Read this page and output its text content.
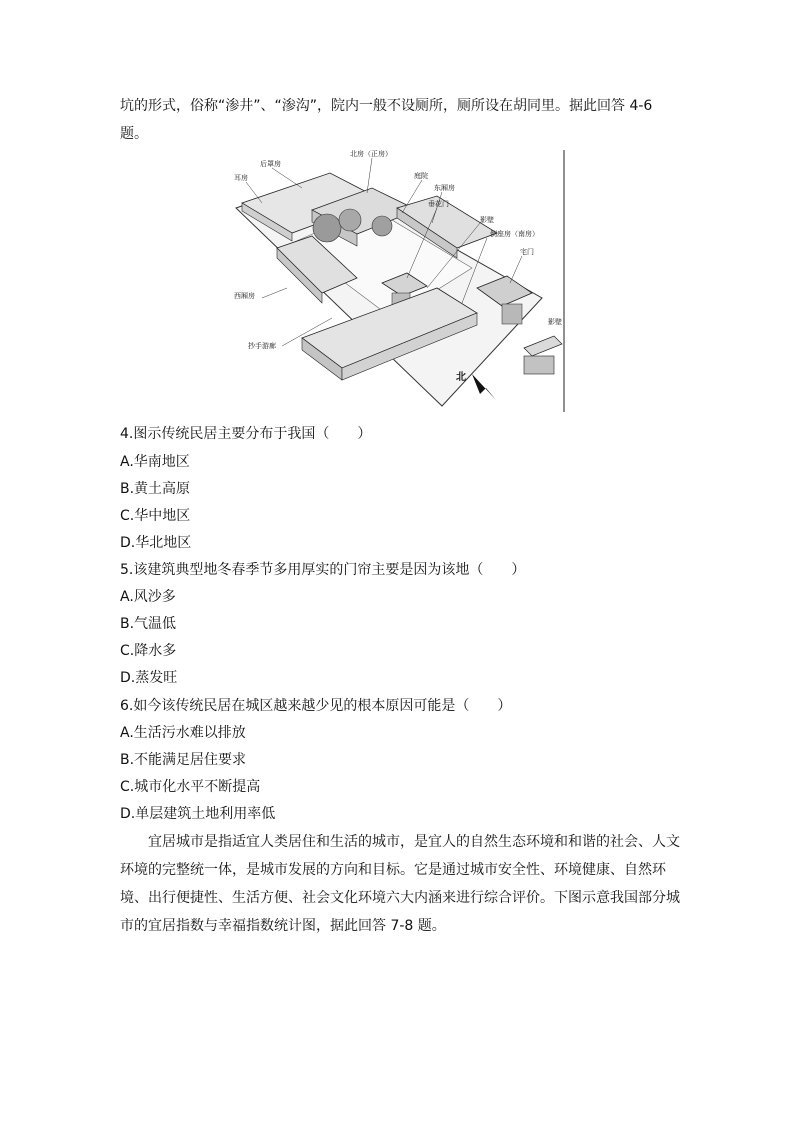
坑的形式，俗称“渗井”、“渗沟”，院内一般不设厕所，厕所设在胡同里。据此回答 4-6
题。
后罩房
北房（正房）
耳房	庭院
东厢房
垂花门
影壁
倒座房（南房）
宅门
西厢房
抄手游廊
影壁
北
4.图示传统民居主要分布于我国（　　）
A.华南地区
B.黄土高原
C.华中地区
D.华北地区
5.该建筑典型地冬春季节多用厚实的门帘主要是因为该地（　　）
A.风沙多
B.气温低
C.降水多
D.蒸发旺
6.如今该传统民居在城区越来越少见的根本原因可能是（　　）
A.生活污水难以排放
B.不能满足居住要求
C.城市化水平不断提高
D.单层建筑土地利用率低
宜居城市是指适宜人类居住和生活的城市，是宜人的自然生态环境和和谐的社会、人文环境的完整统一体，是城市发展的方向和目标。它是通过城市安全性、环境健康、自然环境、出行便捷性、生活方便、社会文化环境六大内涵来进行综合评价。下图示意我国部分城市的宜居指数与幸福指数统计图，据此回答 7-8 题。
